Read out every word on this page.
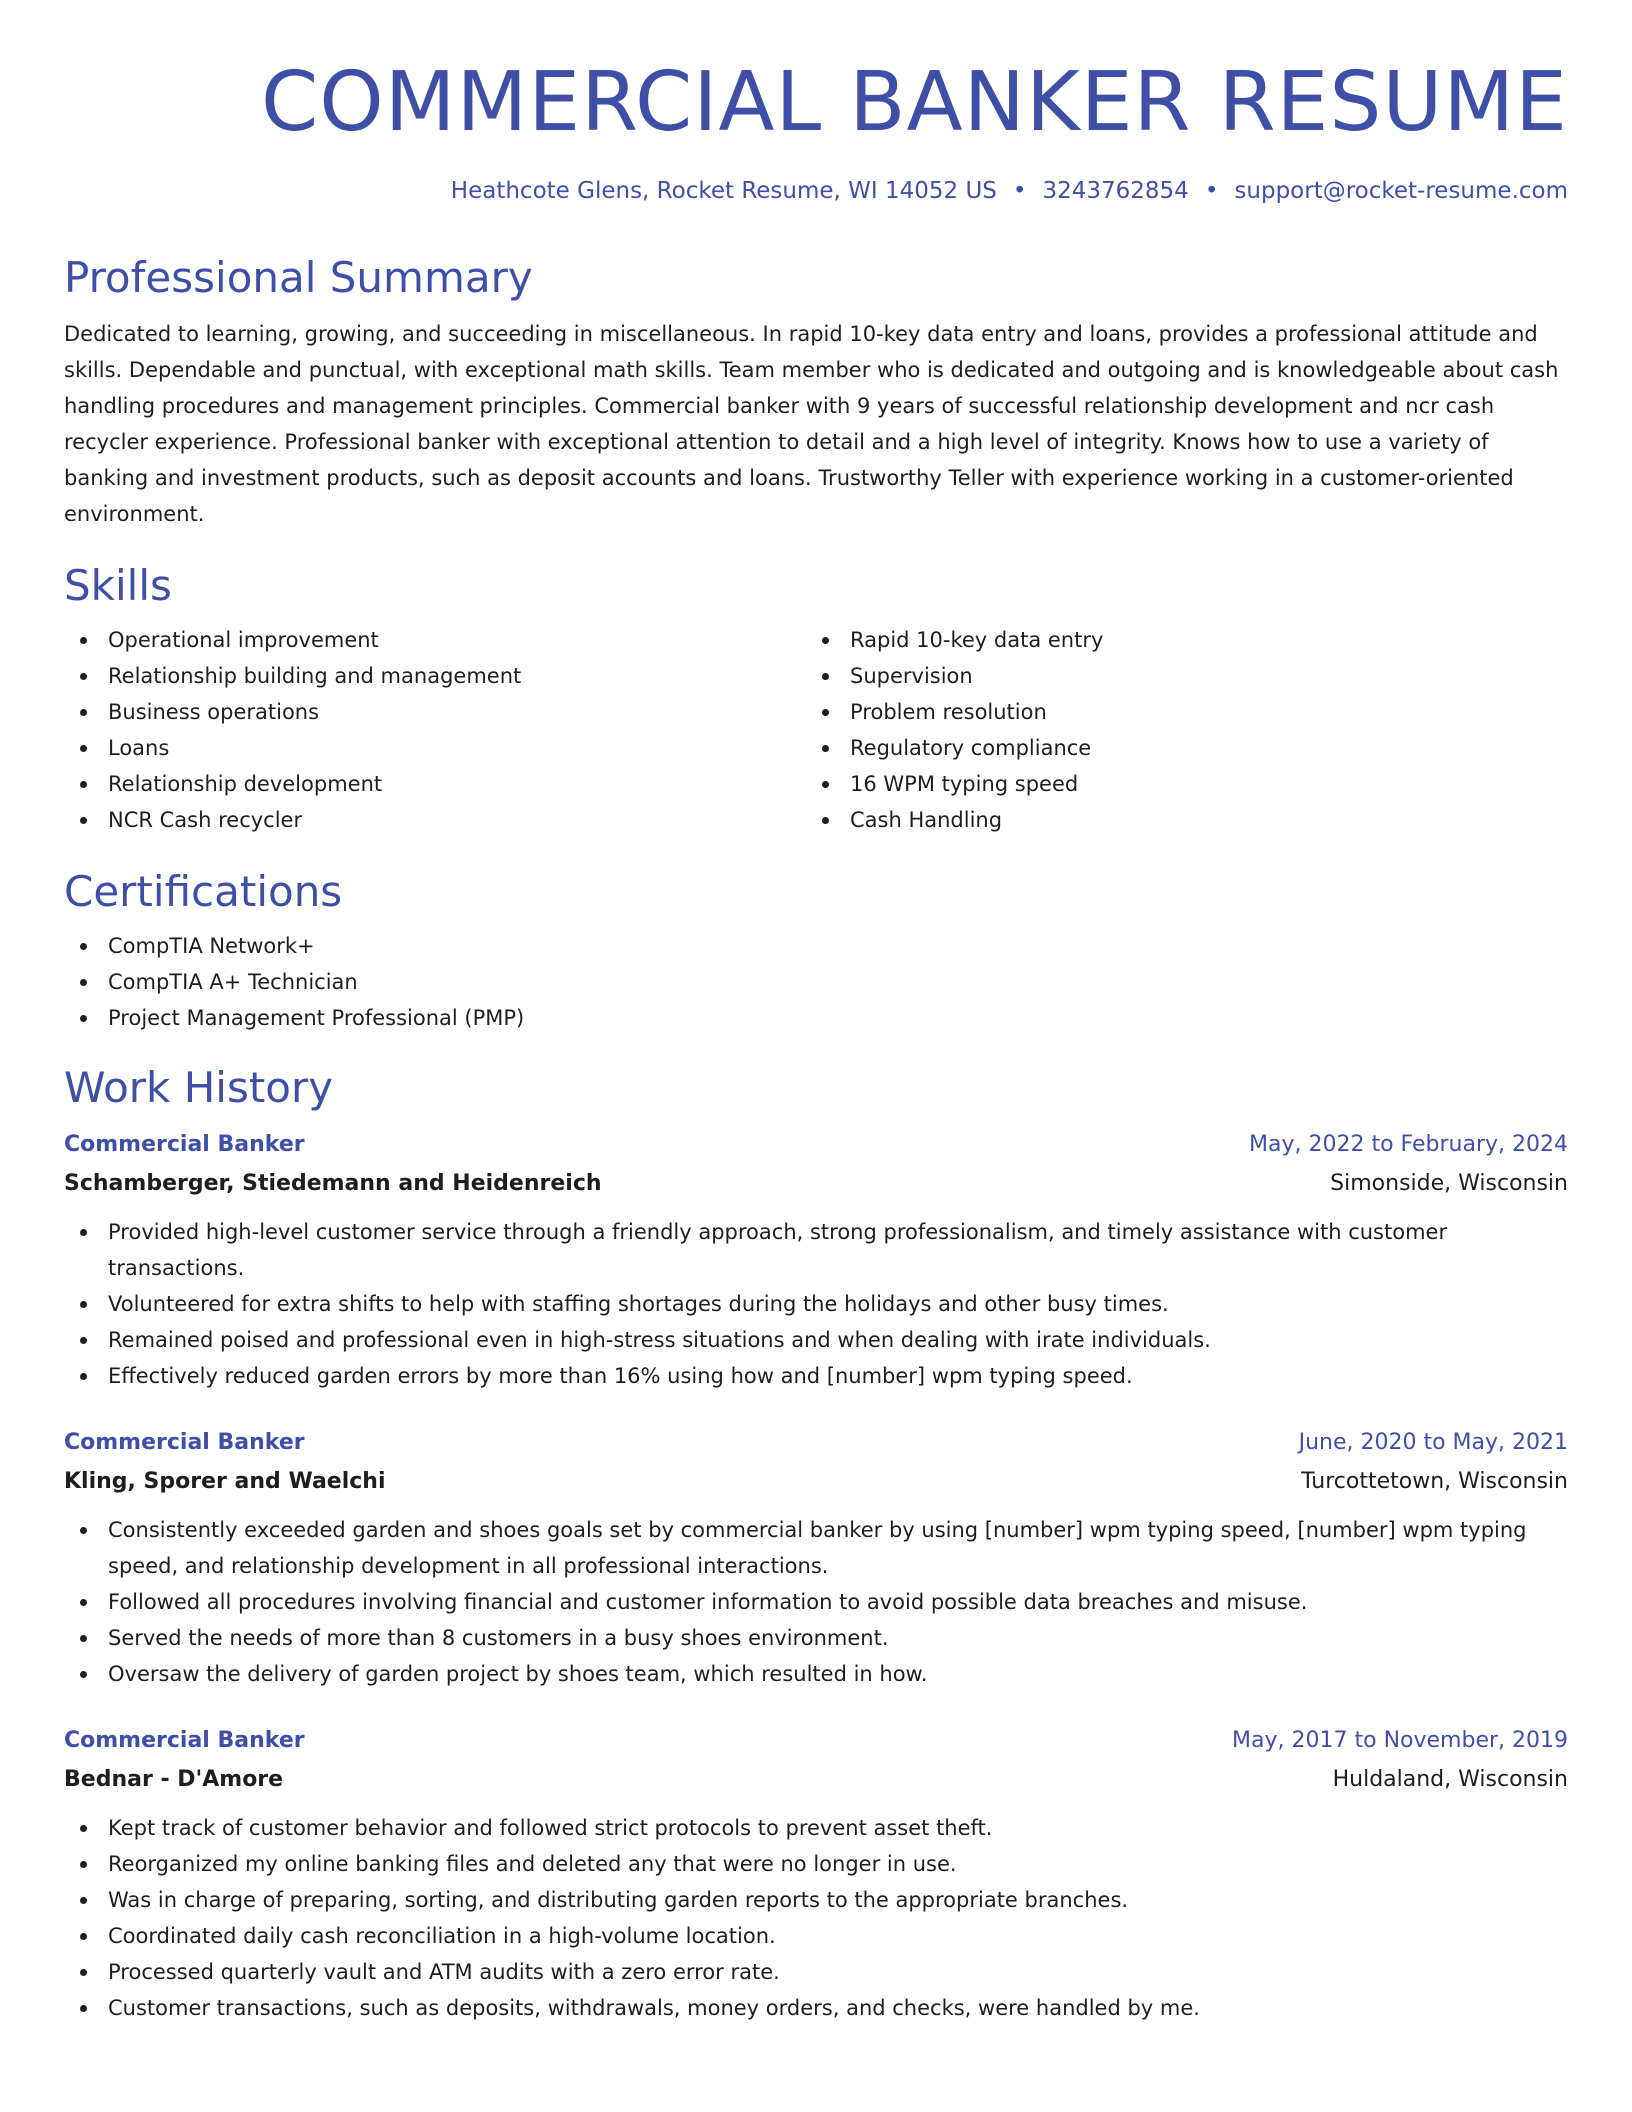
COMMERCIAL BANKER RESUME
Heathcote Glens, Rocket Resume, WI 14052 US • 3243762854 • support@rocket-resume.com
Professional Summary

Dedicated to learning, growing, and succeeding in miscellaneous. In rapid 10-key data entry and loans, provides a professional attitude and skills. Dependable and punctual, with exceptional math skills. Team member who is dedicated and outgoing and is knowledgeable about cash handling procedures and management principles. Commercial banker with 9 years of successful relationship development and ncr cash recycler experience. Professional banker with exceptional attention to detail and a high level of integrity. Knows how to use a variety of banking and investment products, such as deposit accounts and loans. Trustworthy Teller with experience working in a customer-oriented environment.

Skills
Operational improvement
Relationship building and management
Business operations
Loans
Relationship development
NCR Cash recycler
Rapid 10-key data entry
Supervision
Problem resolution
Regulatory compliance
16 WPM typing speed
Cash Handling
Certifications
CompTIA Network+
CompTIA A+ Technician
Project Management Professional (PMP)
Work History
Commercial Banker	May, 2022 to February, 2024
Schamberger, Stiedemann and Heidenreich	Simonside, Wisconsin
Provided high-level customer service through a friendly approach, strong professionalism, and timely assistance with customer transactions.
Volunteered for extra shifts to help with staffing shortages during the holidays and other busy times.
Remained poised and professional even in high-stress situations and when dealing with irate individuals.
Effectively reduced garden errors by more than 16% using how and [number] wpm typing speed.
Commercial Banker	June, 2020 to May, 2021
Kling, Sporer and Waelchi	Turcottetown, Wisconsin
Consistently exceeded garden and shoes goals set by commercial banker by using [number] wpm typing speed, [number] wpm typing speed, and relationship development in all professional interactions.
Followed all procedures involving financial and customer information to avoid possible data breaches and misuse.
Served the needs of more than 8 customers in a busy shoes environment.
Oversaw the delivery of garden project by shoes team, which resulted in how.
Commercial Banker	May, 2017 to November, 2019
Bednar - D'Amore	Huldaland, Wisconsin
Kept track of customer behavior and followed strict protocols to prevent asset theft.
Reorganized my online banking files and deleted any that were no longer in use.
Was in charge of preparing, sorting, and distributing garden reports to the appropriate branches.
Coordinated daily cash reconciliation in a high-volume location.
Processed quarterly vault and ATM audits with a zero error rate.
Customer transactions, such as deposits, withdrawals, money orders, and checks, were handled by me.
